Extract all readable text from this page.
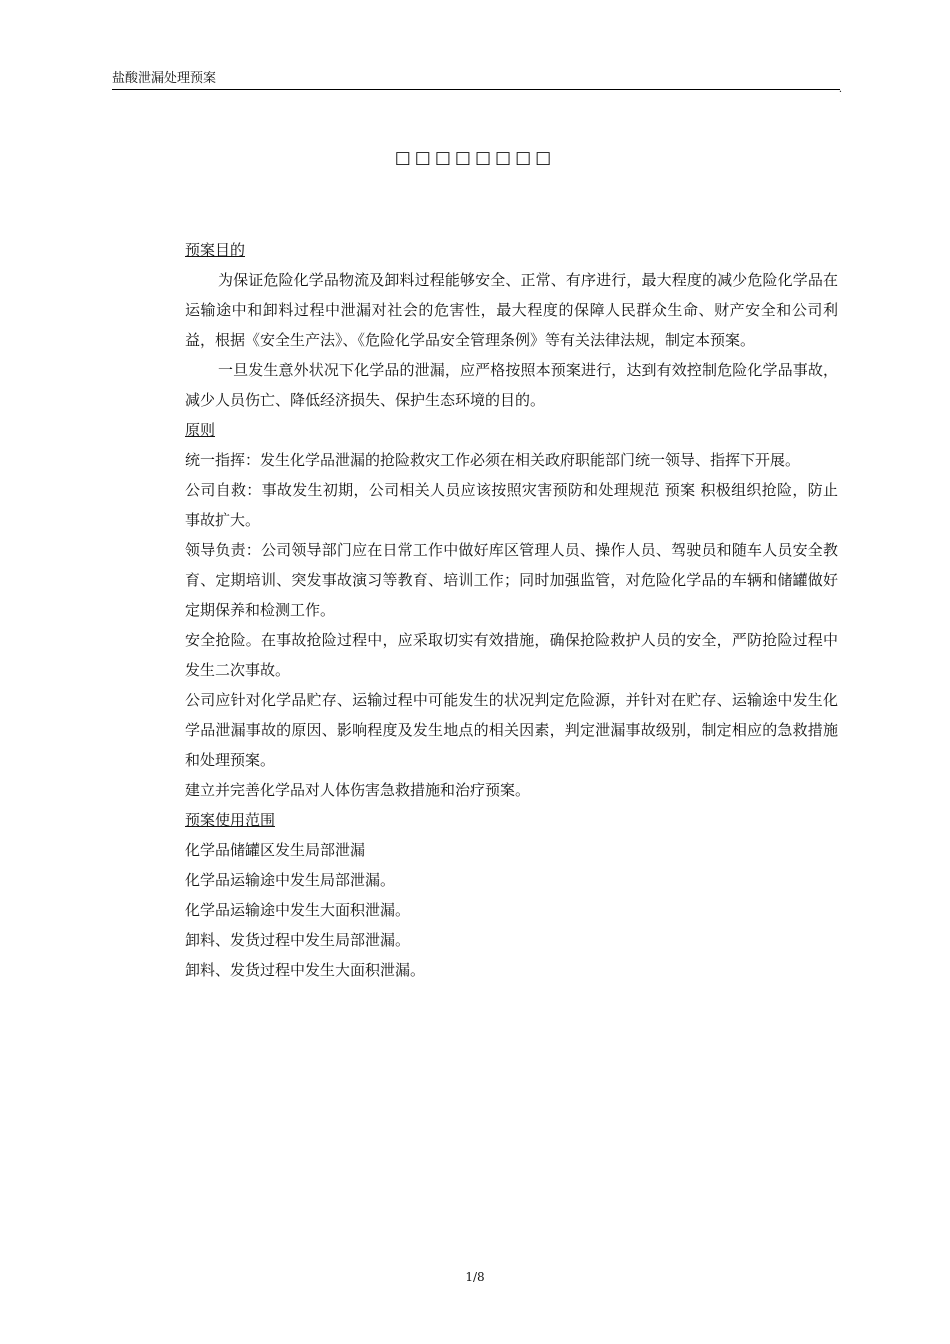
盐酸泄漏处理预案
.
□□□□□□□□

预案目的

为保证危险化学品物流及卸料过程能够安全、正常、有序进行，最大程度的减少危险化学品在运输途中和卸料过程中泄漏对社会的危害性，最大程度的保障人民群众生命、财产安全和公司利益，根据《安全生产法》、《危险化学品安全管理条例》等有关法律法规，制定本预案。

一旦发生意外状况下化学品的泄漏，应严格按照本预案进行，达到有效控制危险化学品事故，减少人员伤亡、降低经济损失、保护生态环境的目的。

原则

统一指挥：发生化学品泄漏的抢险救灾工作必须在相关政府职能部门统一领导、指挥下开展。

公司自救：事故发生初期，公司相关人员应该按照灾害预防和处理规范 预案 积极组织抢险，防止事故扩大。

领导负责：公司领导部门应在日常工作中做好库区管理人员、操作人员、驾驶员和随车人员安全教育、定期培训、突发事故演习等教育、培训工作；同时加强监管，对危险化学品的车辆和储罐做好定期保养和检测工作。

安全抢险。在事故抢险过程中，应采取切实有效措施，确保抢险救护人员的安全，严防抢险过程中发生二次事故。

公司应针对化学品贮存、运输过程中可能发生的状况判定危险源，并针对在贮存、运输途中发生化学品泄漏事故的原因、影响程度及发生地点的相关因素，判定泄漏事故级别，制定相应的急救措施和处理预案。

建立并完善化学品对人体伤害急救措施和治疗预案。

预案使用范围

化学品储罐区发生局部泄漏

化学品运输途中发生局部泄漏。

化学品运输途中发生大面积泄漏。

卸料、发货过程中发生局部泄漏。

卸料、发货过程中发生大面积泄漏。

1/8
